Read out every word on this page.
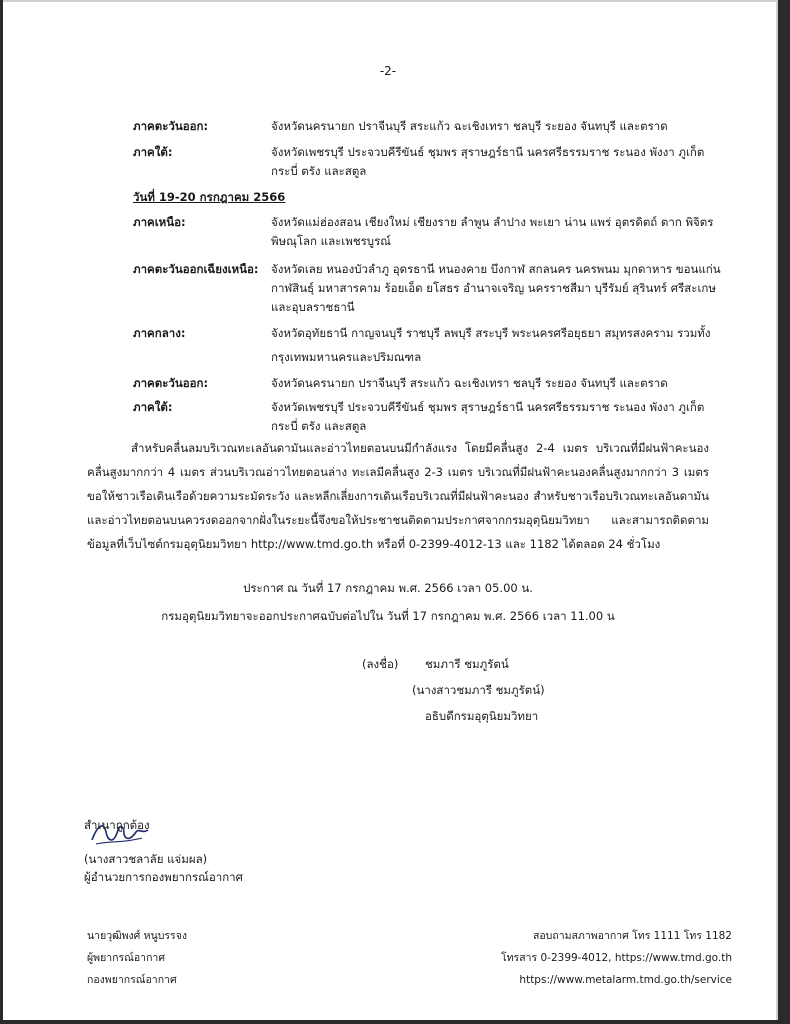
-2-
ภาคตะวันออก:	จังหวัดนครนายก ปราจีนบุรี สระแก้ว ฉะเชิงเทรา ชลบุรี ระยอง จันทบุรี และตราด
ภาคใต้:	จังหวัดเพชรบุรี ประจวบคีรีขันธ์ ชุมพร สุราษฎร์ธานี นครศรีธรรมราช ระนอง พังงา ภูเก็ต กระบี่ ตรัง และสตูล
วันที่ 19-20 กรกฎาคม 2566
ภาคเหนือ:	จังหวัดแม่ฮ่องสอน เชียงใหม่ เชียงราย ลำพูน ลำปาง พะเยา น่าน แพร่ อุตรดิตถ์ ตาก พิจิตร พิษณุโลก และเพชรบูรณ์
ภาคตะวันออกเฉียงเหนือ:	จังหวัดเลย หนองบัวลำภู อุดรธานี หนองคาย บึงกาฬ สกลนคร นครพนม มุกดาหาร ขอนแก่น กาฬสินธุ์ มหาสารคาม ร้อยเอ็ด ยโสธร อำนาจเจริญ นครราชสีมา บุรีรัมย์ สุรินทร์ ศรีสะเกษ และอุบลราชธานี
ภาคกลาง:	จังหวัดอุทัยธานี กาญจนบุรี ราชบุรี ลพบุรี สระบุรี พระนครศรีอยุธยา สมุทรสงคราม รวมทั้งกรุงเทพมหานครและปริมณฑล
ภาคตะวันออก:	จังหวัดนครนายก ปราจีนบุรี สระแก้ว ฉะเชิงเทรา ชลบุรี ระยอง จันทบุรี และตราด
ภาคใต้:	จังหวัดเพชรบุรี ประจวบคีรีขันธ์ ชุมพร สุราษฎร์ธานี นครศรีธรรมราช ระนอง พังงา ภูเก็ต กระบี่ ตรัง และสตูล
สำหรับคลื่นลมบริเวณทะเลอันดามันและอ่าวไทยตอนบนมีกำลังแรง โดยมีคลื่นสูง 2-4 เมตร บริเวณที่มีฝนฟ้าคะนองคลื่นสูงมากกว่า 4 เมตร ส่วนบริเวณอ่าวไทยตอนล่าง ทะเลมีคลื่นสูง 2-3 เมตร บริเวณที่มีฝนฟ้าคะนองคลื่นสูงมากกว่า 3 เมตรขอให้ชาวเรือเดินเรือด้วยความระมัดระวัง และหลีกเลี่ยงการเดินเรือบริเวณที่มีฝนฟ้าคะนอง สำหรับชาวเรือบริเวณทะเลอันดามันและอ่าวไทยตอนบนควรงดออกจากฝั่งในระยะนี้จึงขอให้ประชาชนติดตามประกาศจากกรมอุตุนิยมวิทยา และสามารถติดตามข้อมูลที่เว็บไซต์กรมอุตุนิยมวิทยา http://www.tmd.go.th หรือที่ 0-2399-4012-13 และ 1182 ได้ตลอด 24 ชั่วโมง
ประกาศ ณ วันที่ 17 กรกฎาคม พ.ศ. 2566 เวลา 05.00 น.
กรมอุตุนิยมวิทยาจะออกประกาศฉบับต่อไปใน วันที่ 17 กรกฎาคม พ.ศ. 2566 เวลา 11.00 น
(ลงชื่อ) ชมภารี ชมภูรัตน์
(นางสาวชมภารี ชมภูรัตน์)
อธิบดีกรมอุตุนิยมวิทยา
สำเนาถูกต้อง
(นางสาวชลาลัย แจ่มผล)
ผู้อำนวยการกองพยากรณ์อากาศ
นายวุฒิพงศ์ หนูบรรจง
ผู้พยากรณ์อากาศ
กองพยากรณ์อากาศ
สอบถามสภาพอากาศ โทร 1111 โทร 1182
โทรสาร 0-2399-4012, https://www.tmd.go.th
https://www.metalarm.tmd.go.th/service
